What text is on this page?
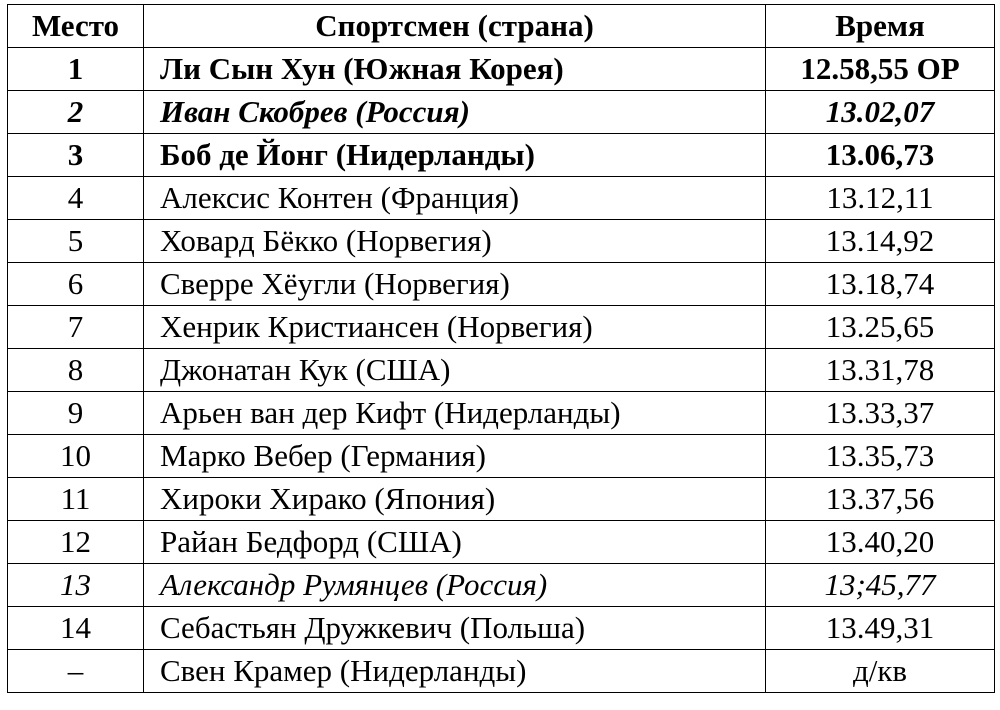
Место	Спортсмен (страна)	Время
1	Ли Сын Хун (Южная Корея)	12.58,55 ОР
2	Иван Скобрев (Россия)	13.02,07
3	Боб де Йонг (Нидерланды)	13.06,73
4	Алексис Контен (Франция)	13.12,11
5	Ховард Бёкко (Норвегия)	13.14,92
6	Сверре Хёугли (Норвегия)	13.18,74
7	Хенрик Кристиансен (Норвегия)	13.25,65
8	Джонатан Кук (США)	13.31,78
9	Арьен ван дер Кифт (Нидерланды)	13.33,37
10	Марко Вебер (Германия)	13.35,73
11	Хироки Хирако (Япония)	13.37,56
12	Райан Бедфорд (США)	13.40,20
13	Александр Румянцев (Россия)	13;45,77
14	Себастьян Дружкевич (Польша)	13.49,31
–	Свен Крамер (Нидерланды)	д/кв
